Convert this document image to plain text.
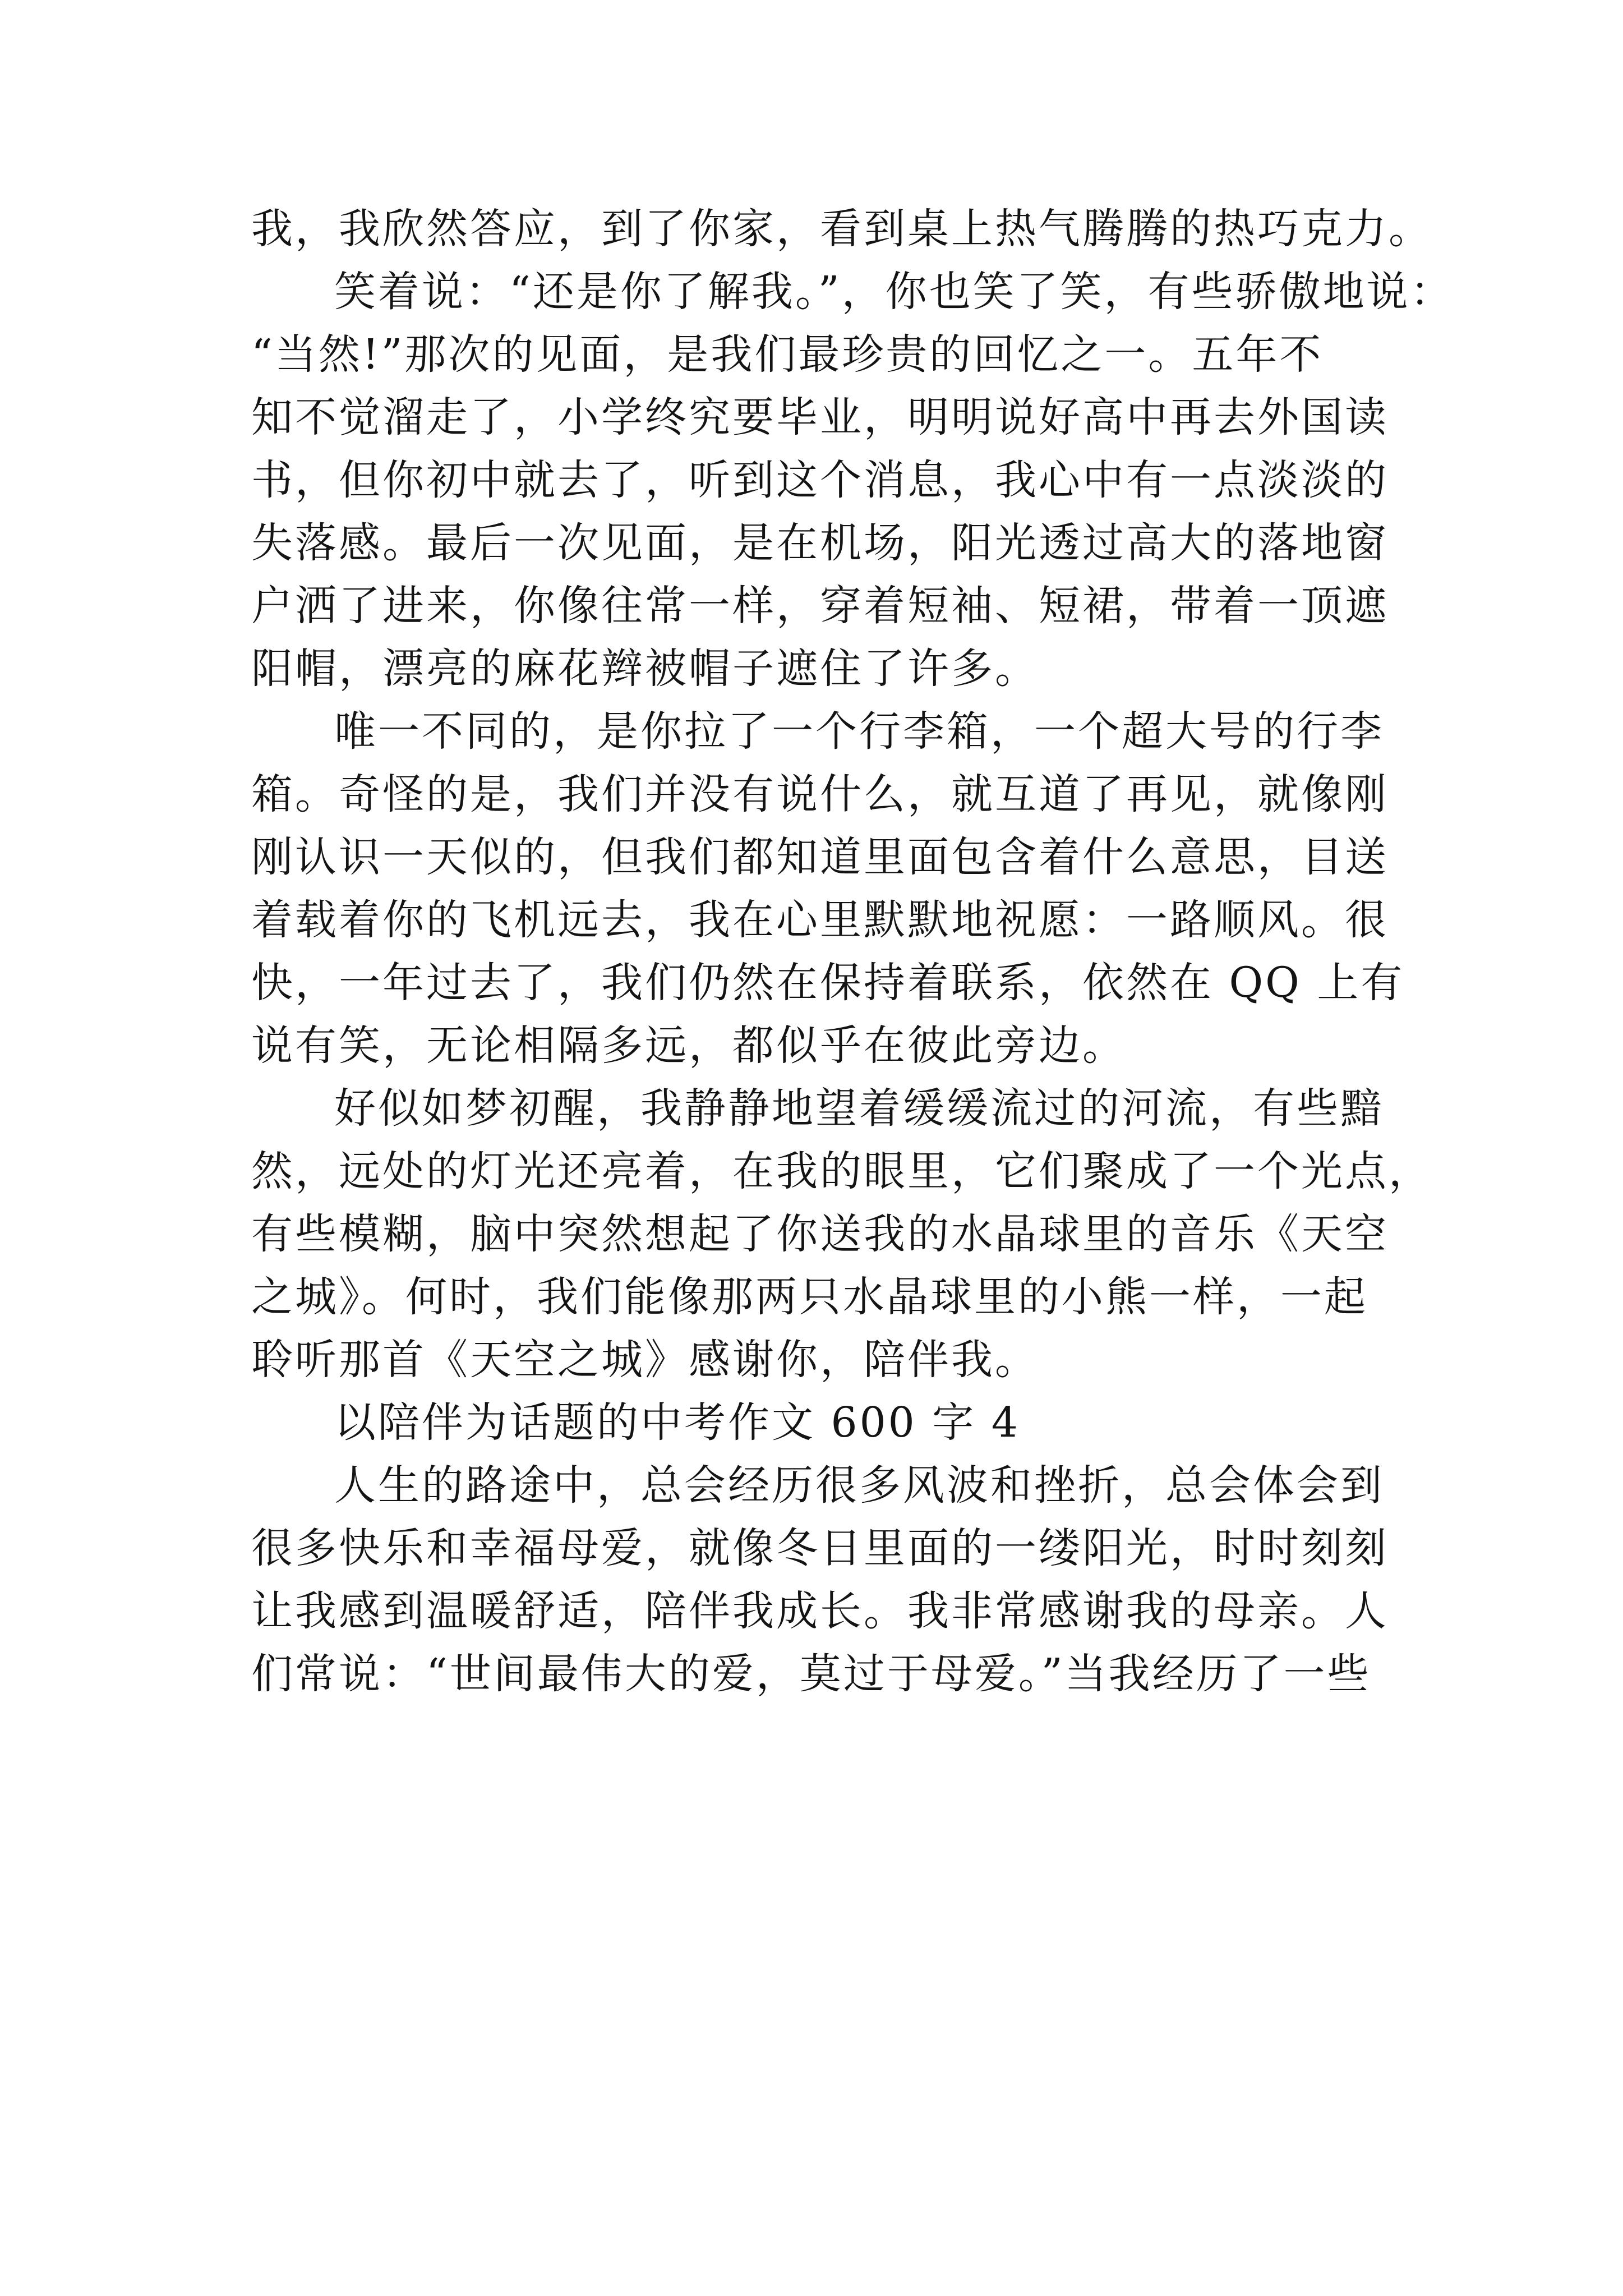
我，我欣然答应，到了你家，看到桌上热气腾腾的热巧克力。
笑着说：“还是你了解我。”，你也笑了笑，有些骄傲地说：
“当然!”那次的见面，是我们最珍贵的回忆之一。五年不
知不觉溜走了，小学终究要毕业，明明说好高中再去外国读
书，但你初中就去了，听到这个消息，我心中有一点淡淡的
失落感。最后一次见面，是在机场，阳光透过高大的落地窗
户洒了进来，你像往常一样，穿着短袖、短裙，带着一顶遮
阳帽，漂亮的麻花辫被帽子遮住了许多。
唯一不同的，是你拉了一个行李箱，一个超大号的行李
箱。奇怪的是，我们并没有说什么，就互道了再见，就像刚
刚认识一天似的，但我们都知道里面包含着什么意思，目送
着载着你的飞机远去，我在心里默默地祝愿：一路顺风。很
快，一年过去了，我们仍然在保持着联系，依然在 QQ 上有
说有笑，无论相隔多远，都似乎在彼此旁边。
好似如梦初醒，我静静地望着缓缓流过的河流，有些黯
然，远处的灯光还亮着，在我的眼里，它们聚成了一个光点，
有些模糊，脑中突然想起了你送我的水晶球里的音乐《天空
之城》。何时，我们能像那两只水晶球里的小熊一样，一起
聆听那首《天空之城》感谢你，陪伴我。
以陪伴为话题的中考作文 600 字 4
人生的路途中，总会经历很多风波和挫折，总会体会到
很多快乐和幸福母爱，就像冬日里面的一缕阳光，时时刻刻
让我感到温暖舒适，陪伴我成长。我非常感谢我的母亲。人
们常说：“世间最伟大的爱，莫过于母爱。”当我经历了一些
